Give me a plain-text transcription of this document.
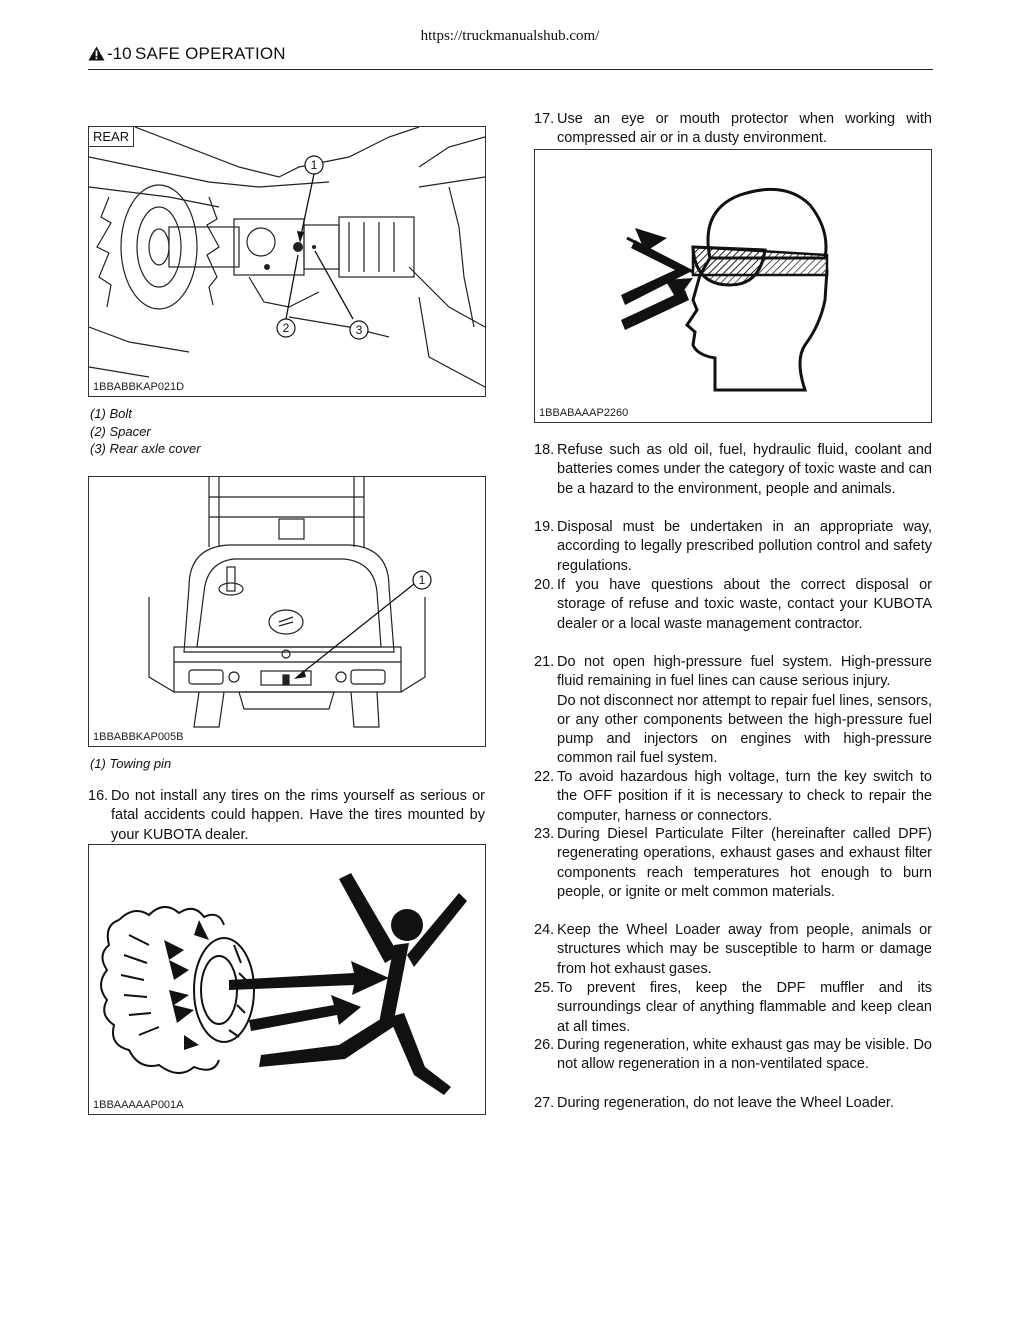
https://truckmanualshub.com/
-10 SAFE OPERATION
1
2	3
REAR
1BBABBKAP021D
(1) Bolt
(2) Spacer
(3) Rear axle cover
1
1BBABBKAP005B
(1) Towing pin
16. Do not install any tires on the rims yourself as serious or fatal accidents could happen. Have the tires mounted by your KUBOTA dealer.
1BBAAAAAP001A
17. Use an eye or mouth protector when working with compressed air or in a dusty environment.
1BBABAAAP2260
18. Refuse such as old oil, fuel, hydraulic fluid, coolant and batteries comes under the category of toxic waste and can be a hazard to the environment, people and animals.
19. Disposal must be undertaken in an appropriate way, according to legally prescribed pollution control and safety regulations.
20. If you have questions about the correct disposal or storage of refuse and toxic waste, contact your KUBOTA dealer or a local waste management contractor.
21. Do not open high-pressure fuel system. High-pressure fluid remaining in fuel lines can cause serious injury.
Do not disconnect nor attempt to repair fuel lines, sensors, or any other components between the high-pressure fuel pump and injectors on engines with high-pressure common rail fuel system.
22. To avoid hazardous high voltage, turn the key switch to the OFF position if it is necessary to check to repair the computer, harness or connectors.
23. During Diesel Particulate Filter (hereinafter called DPF) regenerating operations, exhaust gases and exhaust filter components reach temperatures hot enough to burn people, or ignite or melt common materials.
24. Keep the Wheel Loader away from people, animals or structures which may be susceptible to harm or damage from hot exhaust gases.
25. To prevent fires, keep the DPF muffler and its surroundings clear of anything flammable and keep clean at all times.
26. During regeneration, white exhaust gas may be visible. Do not allow regeneration in a non-ventilated space.
27. During regeneration, do not leave the Wheel Loader.
